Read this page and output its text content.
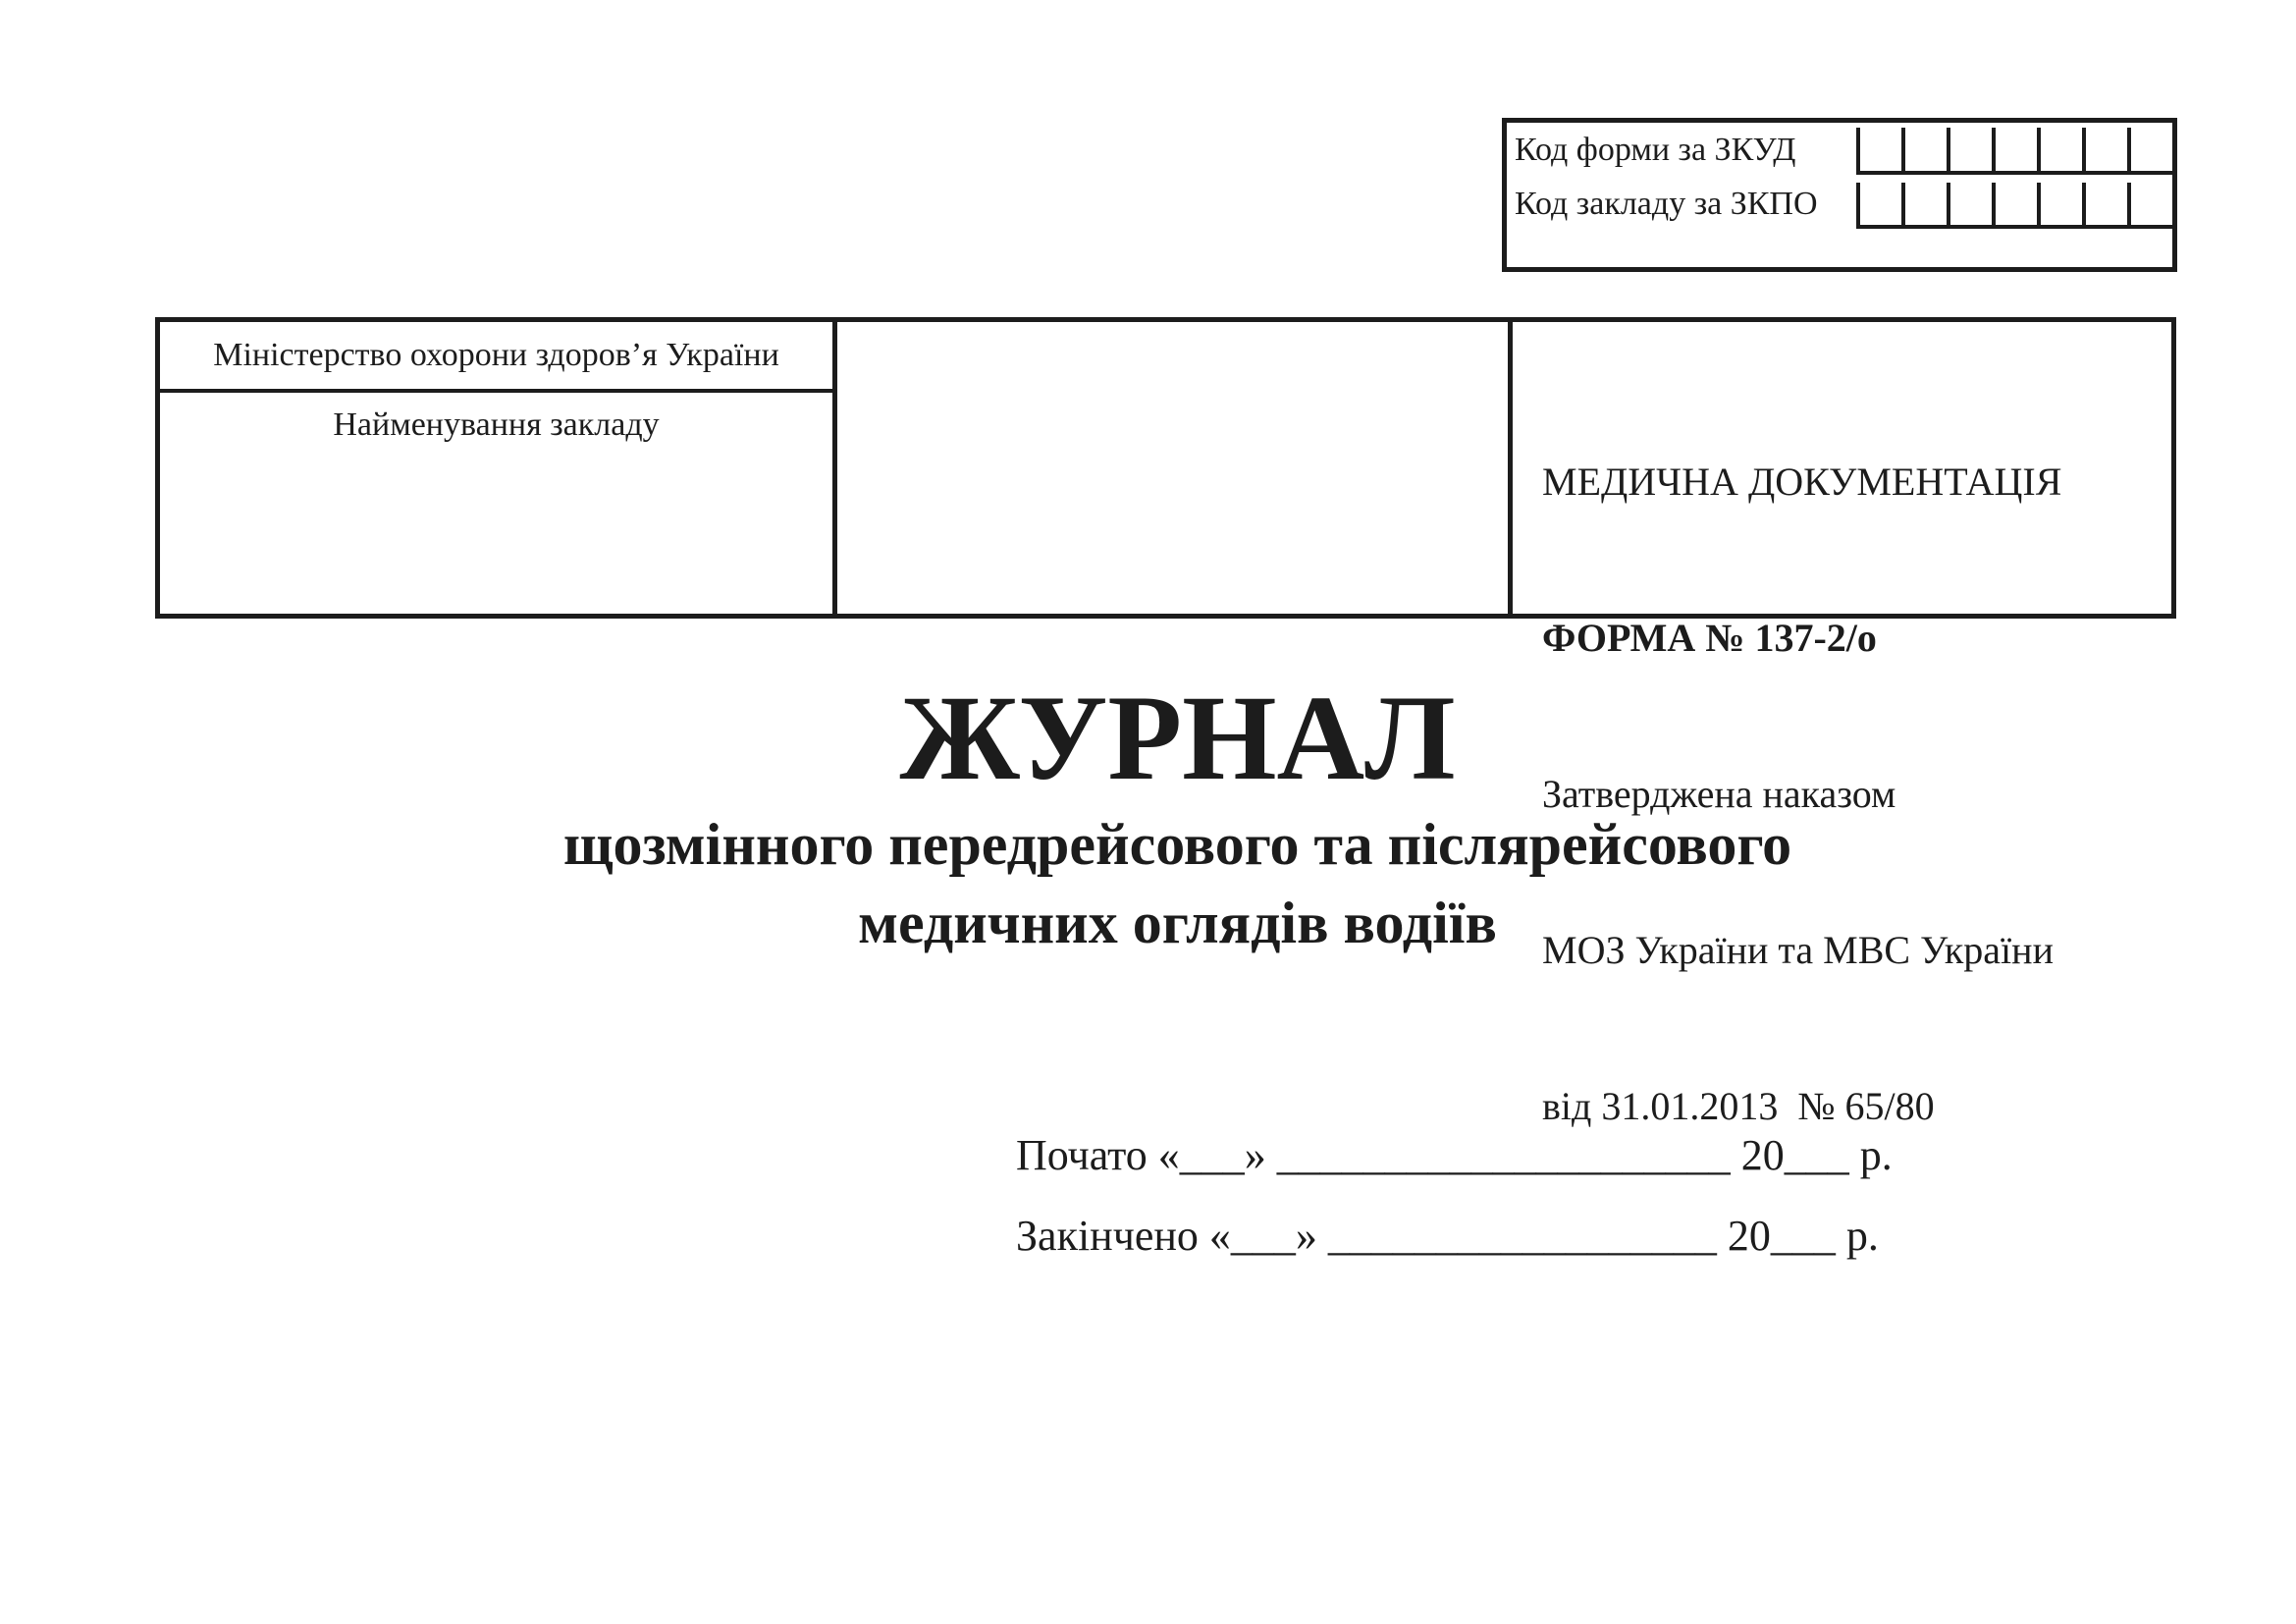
Код форми за ЗКУД
Код закладу за ЗКПО
Міністерство охорони здоров’я України
Найменування закладу

МЕДИЧНА ДОКУМЕНТАЦІЯ

ФОРМА № 137-2/о

Затверджена наказом

МОЗ України та МВС України

від 31.01.2013  № 65/80

ЖУРНАЛ
щозмінного передрейсового та післярейсового
медичних оглядів водіїв
Почато «___» _____________________ 20___ р.
Закінчено «___» __________________ 20___ р.
